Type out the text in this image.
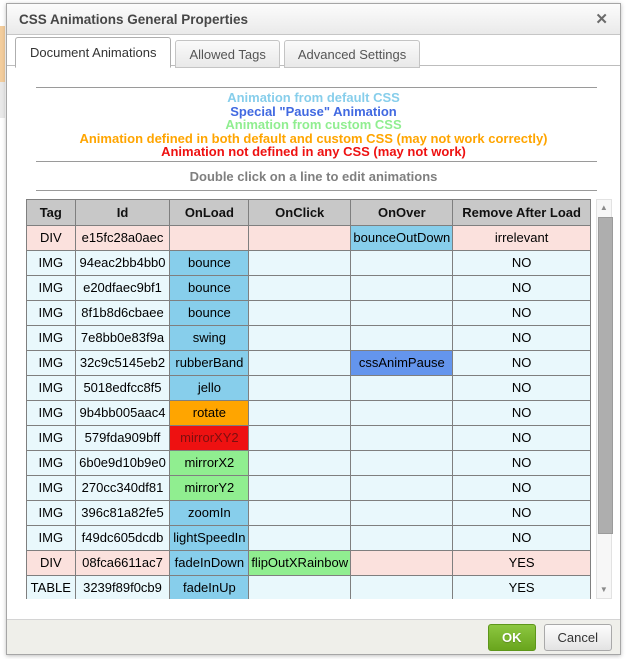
CSS Animations General Properties	✕
Document Animations	Allowed Tags Advanced Settings
Animation from default CSS
Special "Pause" Animation
Animation from custom CSS
Animation defined in both default and custom CSS (may not work correctly)
Animation not defined in any CSS (may not work)
Double click on a line to edit animations
Tag	Id	OnLoad	OnClick	OnOver	Remove After Load
DIV	e15fc28a0aec			bounceOutDown	irrelevant
IMG	94eac2bb4bb0	bounce			NO
IMG	e20dfaec9bf1	bounce			NO
IMG	8f1b8d6cbaee	bounce			NO
IMG	7e8bb0e83f9a	swing			NO
IMG	32c9c5145eb2	rubberBand		cssAnimPause	NO
IMG	5018edfcc8f5	jello			NO
IMG	9b4bb005aac4	rotate			NO
IMG	579fda909bff	mirrorXY2			NO
IMG	6b0e9d10b9e0	mirrorX2			NO
IMG	270cc340df81	mirrorY2			NO
IMG	396c81a82fe5	zoomIn			NO
IMG	f49dc605dcdb	lightSpeedIn			NO
DIV	08fca6611ac7	fadeInDown	flipOutXRainbow		YES
TABLE	3239f89f0cb9	fadeInUp			YES
▲
▼
OK	Cancel
